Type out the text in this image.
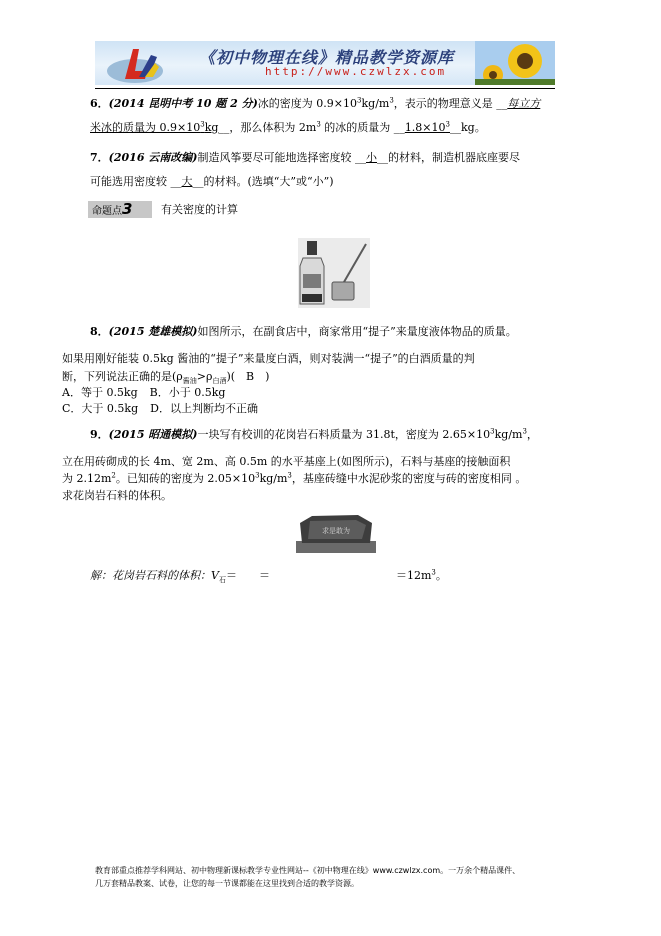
《初中物理在线》精品教学资源库
http://www.czwlzx.com
6．(2014 昆明中考 10 题 2 分)冰的密度为 $0.9\times 10^3kg/m^3$，表示的物理意义是 __每立方
米冰的质量为 $0.9\times 10^3kg\_\_$，那么体积为 $2m^3$ 的冰的质量为 $\_\_1.8\times 10^3\_\_kg$。
7．(2016 云南改编)制造风筝要尽可能地选择密度较 __小__的材料，制造机器底座要尽
可能选用密度较 __大__的材料。(选填“大”或“小”)
命题点3	有关密度的计算
8．(2015 楚雄模拟)如图所示，在副食店中，商家常用“提子”来量度液体物品的质量。
如果用刚好能装 0.5kg 酱油的“提子”来量度白酒，则对装满一“提子”的白酒质量的判
断，下列说法正确的是$(\rho_{酱油}>\rho_{白酒})$(　B　)
A．等于 0.5kg B．小于 0.5kg
C．大于 0.5kg D．以上判断均不正确
9．(2015 昭通模拟)一块写有校训的花岗岩石料质量为 31.8t，密度为 $2.65\times 10^3kg/m^3$，
立在用砖砌成的长 4m、宽 2m、高 0.5m 的水平基座上(如图所示)，石料与基座的接触面积
为 $2.12m^2$。已知砖的密度为 $2.05\times 10^3kg/m^3$，基座砖缝中水泥砂浆的密度与砖的密度相同 。
求花岗岩石料的体积。
求是敢为
解：花岗岩石料的体积：$V_石=$ ＝	$=12m^3$。
教育部重点推荐学科网站、初中物理新课标教学专业性网站--《初中物理在线》www.czwlzx.com。一万余个精品课件、
几万套精品教案、试卷，让您的每一节课都能在这里找到合适的教学资源。
